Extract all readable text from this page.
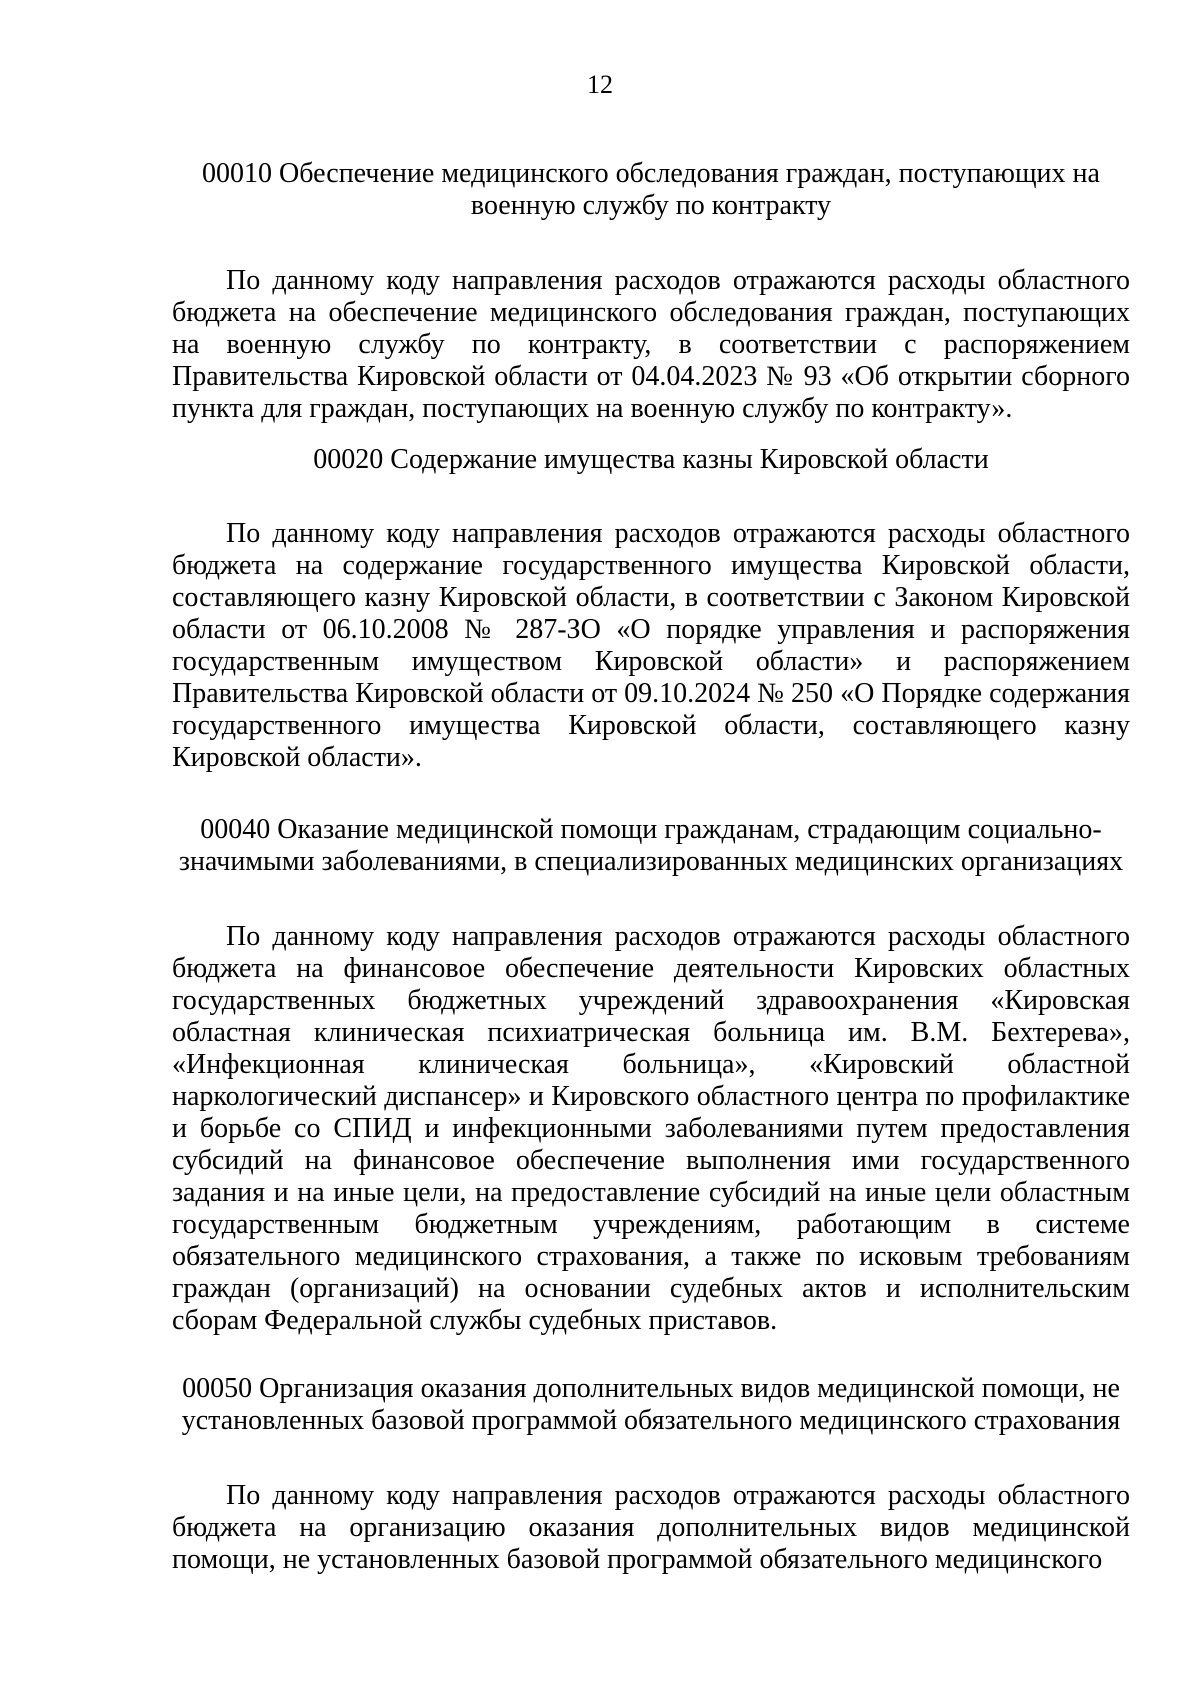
12

00010 Обеспечение медицинского обследования граждан, поступающих на военную службу по контракту

По данному коду направления расходов отражаются расходы областного бюджета на обеспечение медицинского обследования граждан, поступающих на военную службу по контракту, в соответствии с распоряжением Правительства Кировской области от 04.04.2023 № 93 «Об открытии сборного пункта для граждан, поступающих на военную службу по контракту».

00020 Содержание имущества казны Кировской области

По данному коду направления расходов отражаются расходы областного бюджета на содержание государственного имущества Кировской области, составляющего казну Кировской области, в соответствии с Законом Кировской области от 06.10.2008 № 287-ЗО «О порядке управления и распоряжения государственным имуществом Кировской области» и распоряжением Правительства Кировской области от 09.10.2024 № 250 «О Порядке содержания государственного имущества Кировской области, составляющего казну Кировской области».

00040 Оказание медицинской помощи гражданам, страдающим социально-значимыми заболеваниями, в специализированных медицинских организациях

По данному коду направления расходов отражаются расходы областного бюджета на финансовое обеспечение деятельности Кировских областных государственных бюджетных учреждений здравоохранения «Кировская областная клиническая психиатрическая больница им. В.М. Бехтерева», «Инфекционная клиническая больница», «Кировский областной наркологический диспансер» и Кировского областного центра по профилактике и борьбе со СПИД и инфекционными заболеваниями путем предоставления субсидий на финансовое обеспечение выполнения ими государственного задания и на иные цели, на предоставление субсидий на иные цели областным государственным бюджетным учреждениям, работающим в системе обязательного медицинского страхования, а также по исковым требованиям граждан (организаций) на основании судебных актов и исполнительским сборам Федеральной службы судебных приставов.

00050 Организация оказания дополнительных видов медицинской помощи, не установленных базовой программой обязательного медицинского страхования

По данному коду направления расходов отражаются расходы областного бюджета на организацию оказания дополнительных видов медицинской помощи, не установленных базовой программой обязательного медицинского
